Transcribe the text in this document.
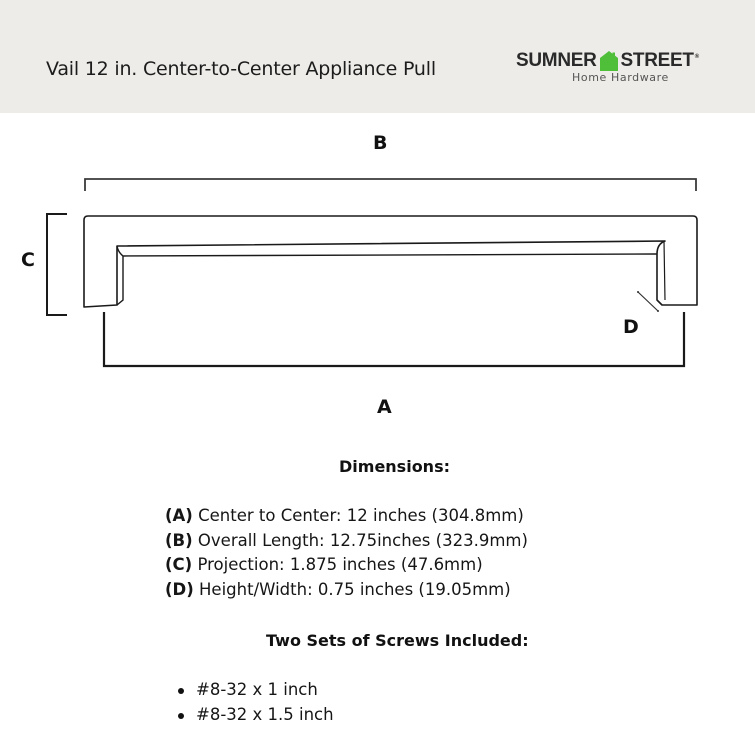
Vail 12 in. Center-to-Center Appliance Pull	SUMNER STREET ®
Home Hardware
B
C
D
A
Dimensions:
(A) Center to Center: 12 inches (304.8mm)
(B) Overall Length: 12.75inches (323.9mm)
(C) Projection: 1.875 inches (47.6mm)
(D) Height/Width: 0.75 inches (19.05mm)
Two Sets of Screws Included:
#8-32 x 1 inch
#8-32 x 1.5 inch
